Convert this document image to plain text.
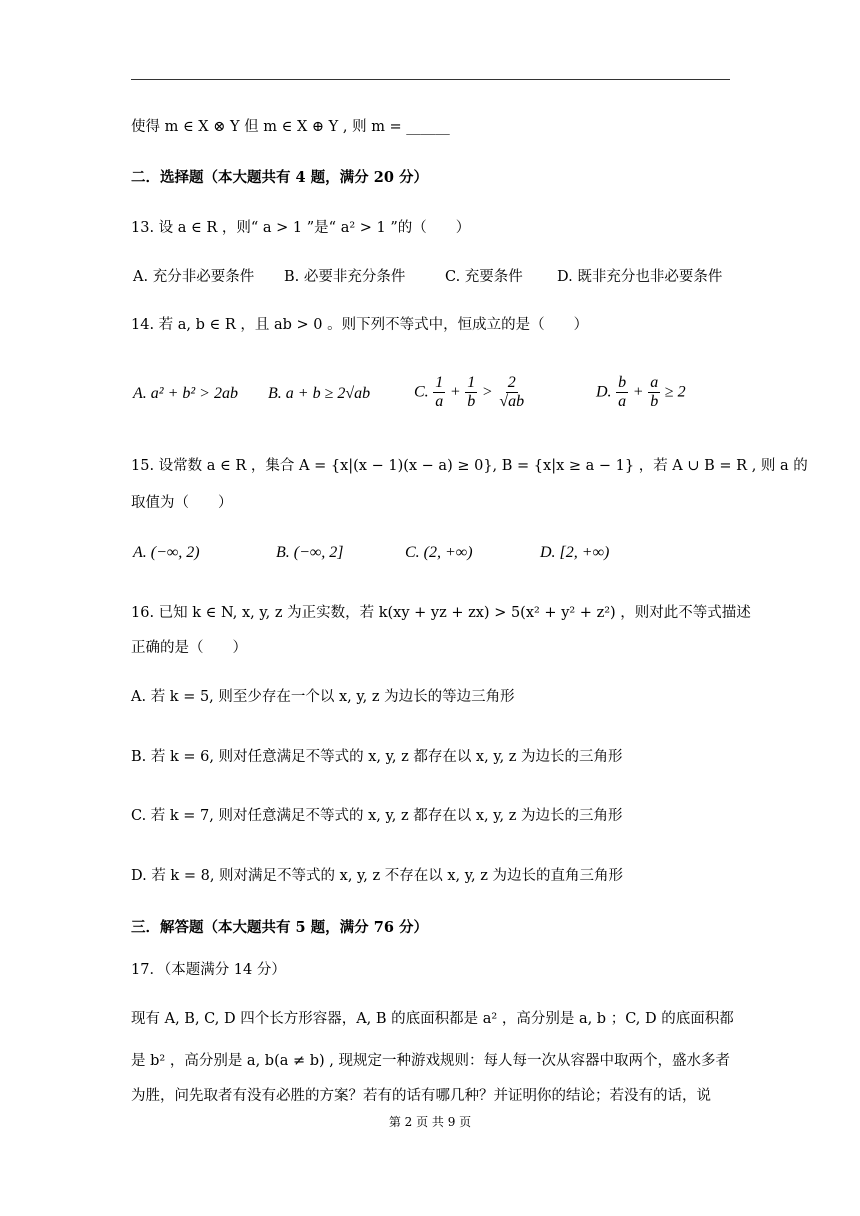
使得 m ∈ X ⊗ Y 但 m ∈ X ⊕ Y , 则 m = ______
二．选择题（本大题共有 4 题，满分 20 分）
13. 设 a ∈ R ，则“ a > 1 ”是“ a² > 1 ”的（　　）
A. 充分非必要条件 B. 必要非充分条件	C. 充要条件 D. 既非充分也非必要条件
14. 若 a, b ∈ R ，且 ab > 0 。则下列不等式中，恒成立的是（　　）
A. a² + b² > 2ab B. a + b ≥ 2√ab	C. $\frac{1}{a} + \frac{1}{b} > \frac{2}{√ab}$	D. $\frac{b}{a} + \frac{a}{b} \ge 2$
15. 设常数 a ∈ R ，集合 A = {x|(x − 1)(x − a) ≥ 0}, B = {x|x ≥ a − 1} ，若 A ∪ B = R , 则 a 的
取值为（　　）
A. (−∞, 2)	B. (−∞, 2]	C. (2, +∞)	D. [2, +∞)
16. 已知 k ∈ N, x, y, z 为正实数，若 k(xy + yz + zx) > 5(x² + y² + z²) ，则对此不等式描述
正确的是（　　）
A. 若 k = 5, 则至少存在一个以 x, y, z 为边长的等边三角形
B. 若 k = 6, 则对任意满足不等式的 x, y, z 都存在以 x, y, z 为边长的三角形
C. 若 k = 7, 则对任意满足不等式的 x, y, z 都存在以 x, y, z 为边长的三角形
D. 若 k = 8, 则对满足不等式的 x, y, z 不存在以 x, y, z 为边长的直角三角形
三．解答题（本大题共有 5 题，满分 76 分）
17．（本题满分 14 分）
现有 A, B, C, D 四个长方形容器，A, B 的底面积都是 a² ，高分别是 a, b ；C, D 的底面积都
是 b² ，高分别是 a, b(a ≠ b) , 现规定一种游戏规则：每人每一次从容器中取两个，盛水多者
为胜，问先取者有没有必胜的方案？若有的话有哪几种？并证明你的结论；若没有的话，说
第 2 页 共 9 页
